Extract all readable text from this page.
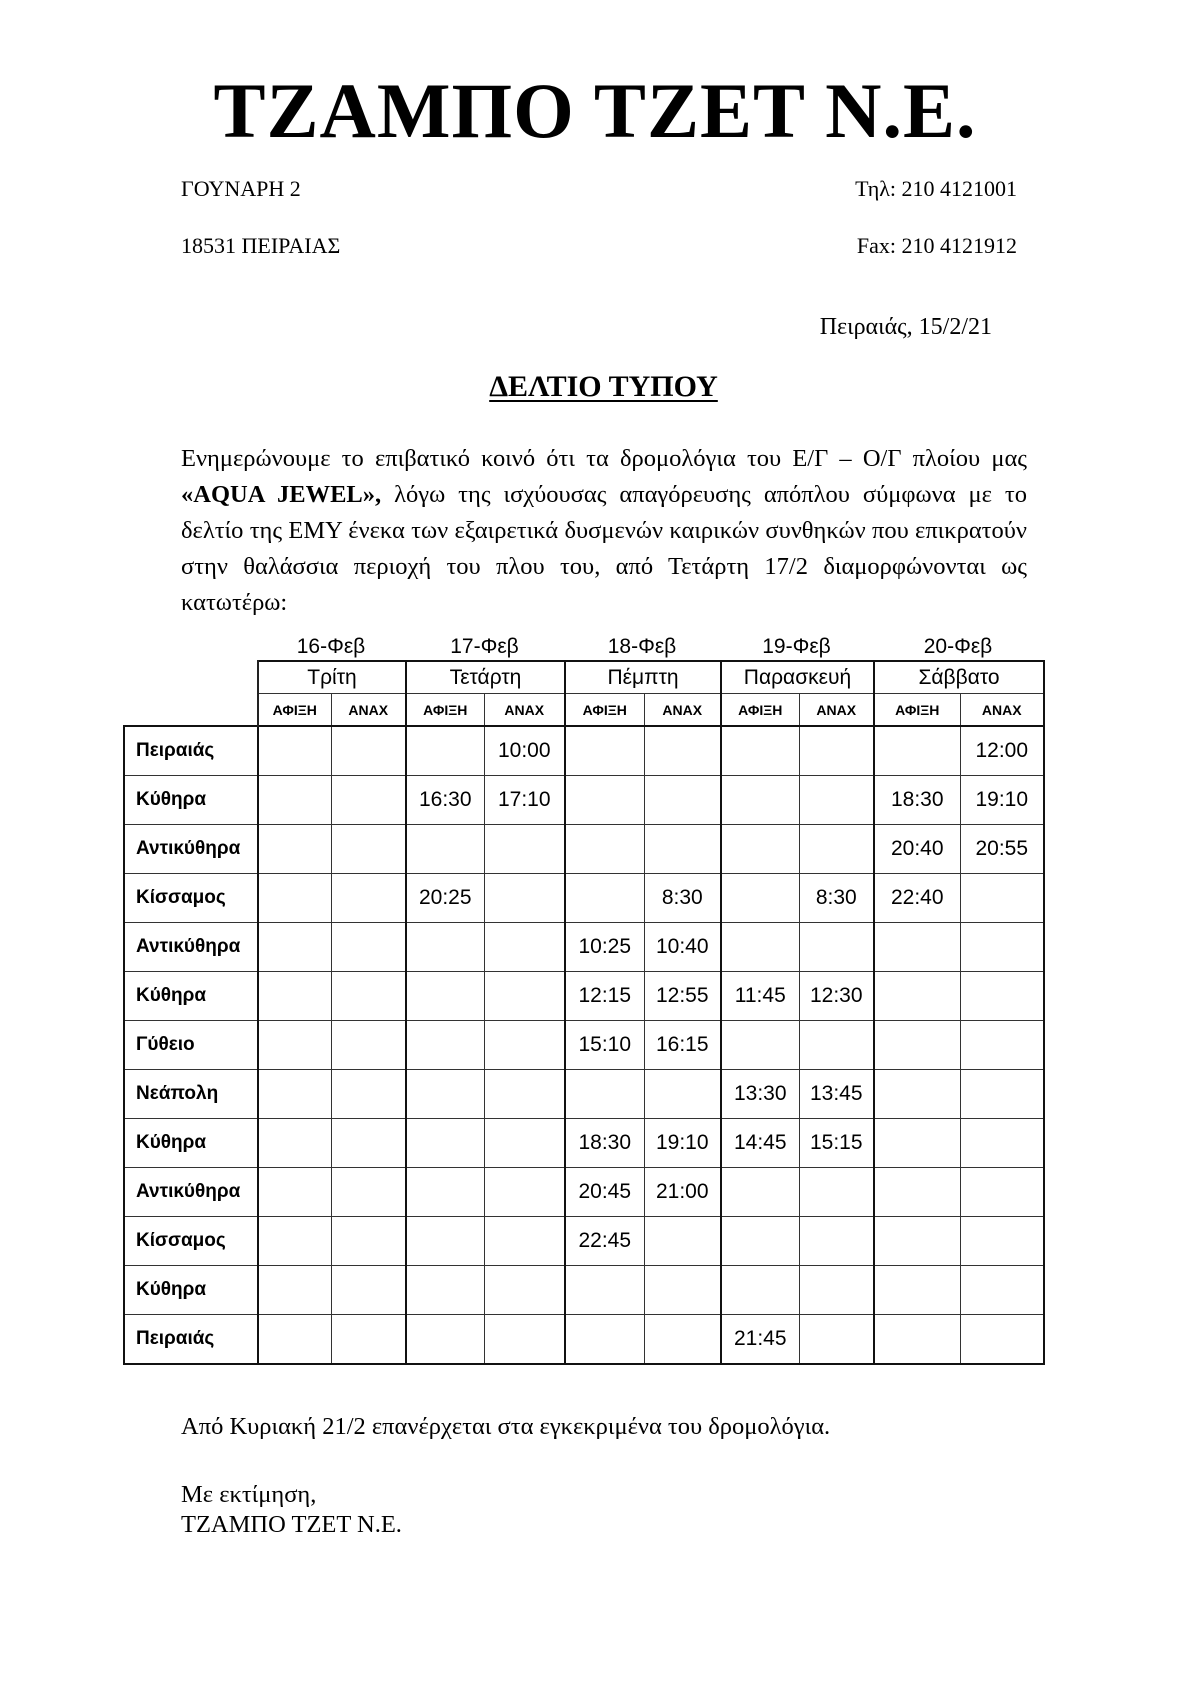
ΤΖΑΜΠΟ ΤΖΕΤ Ν.Ε.
ΓΟΥΝΑΡΗ 2	Τηλ: 210 4121001
18531 ΠΕΙΡΑΙΑΣ	Fax: 210 4121912
Πειραιάς, 15/2/21
ΔΕΛΤΙΟ ΤΥΠΟΥ
Ενημερώνουμε το επιβατικό κοινό ότι τα δρομολόγια του Ε/Γ – Ο/Γ πλοίου μας «AQUA JEWEL», λόγω της ισχύουσας απαγόρευσης απόπλου σύμφωνα με το δελτίο της ΕΜΥ ένεκα των εξαιρετικά δυσμενών καιρικών συνθηκών που επικρατούν στην θαλάσσια περιοχή του πλου του, από Τετάρτη 17/2 διαμορφώνονται ως κατωτέρω:
16-Φεβ	17-Φεβ	18-Φεβ	19-Φεβ	20-Φεβ
	Τρίτη		Τετάρτη		Πέμπτη		Παρασκευή		Σάββατο	
	ΑΦΙΞΗ	ΑΝΑΧ	ΑΦΙΞΗ	ΑΝΑΧ	ΑΦΙΞΗ	ΑΝΑΧ	ΑΦΙΞΗ	ΑΝΑΧ	ΑΦΙΞΗ	ΑΝΑΧ
Πειραιάς				10:00						12:00
Κύθηρα			16:30	17:10					18:30	19:10
Αντικύθηρα									20:40	20:55
Κίσσαμος			20:25			8:30		8:30	22:40	
Αντικύθηρα					10:25	10:40				
Κύθηρα					12:15	12:55	11:45	12:30		
Γύθειο					15:10	16:15				
Νεάπολη							13:30	13:45		
Κύθηρα					18:30	19:10	14:45	15:15		
Αντικύθηρα					20:45	21:00				
Κίσσαμος					22:45					
Κύθηρα										
Πειραιάς							21:45			
Από Κυριακή 21/2 επανέρχεται στα εγκεκριμένα του δρομολόγια.
Με εκτίμηση,
ΤΖΑΜΠΟ ΤΖΕΤ Ν.Ε.
